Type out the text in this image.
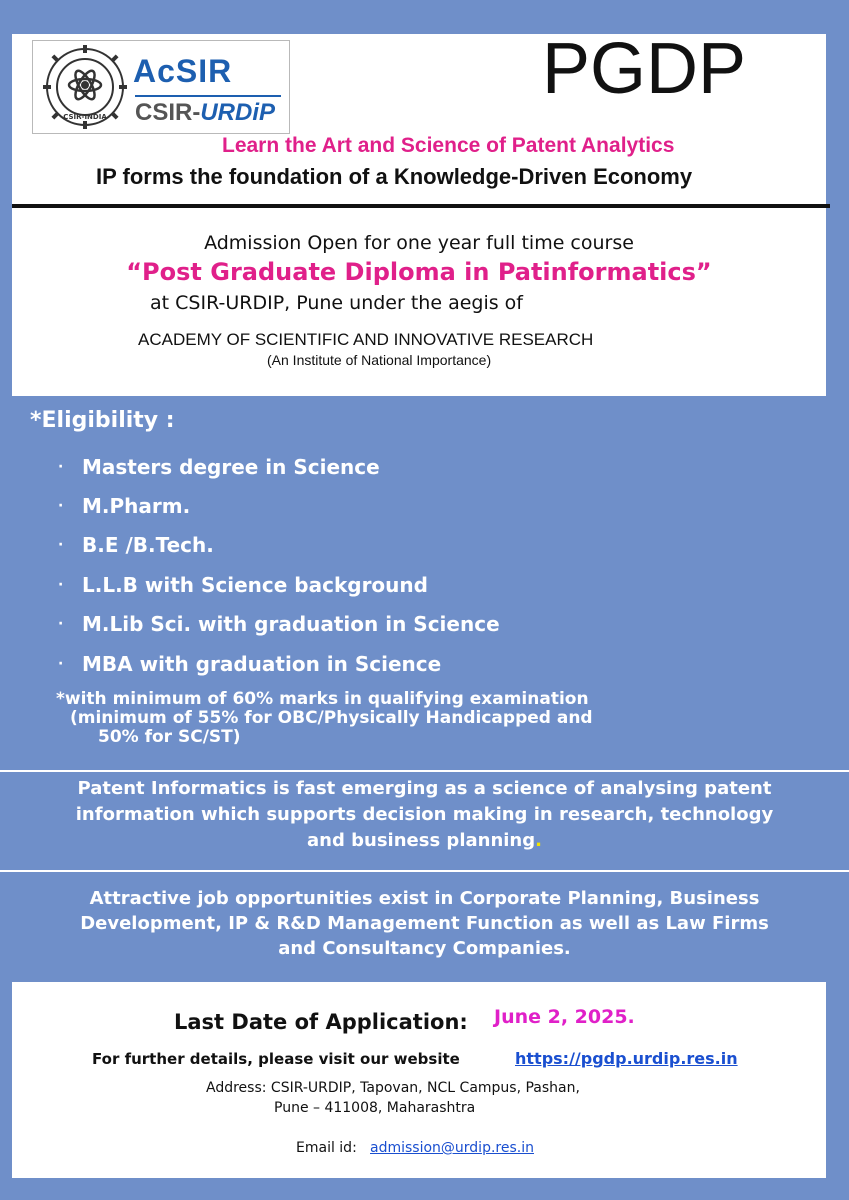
CSIR-INDIA
AcSIR
CSIR-URDiP
PGDP
Learn the Art and Science of Patent Analytics
IP forms the foundation of a Knowledge-Driven Economy
Admission Open for one year full time course
“Post Graduate Diploma in Patinformatics”
at CSIR-URDIP, Pune under the aegis of
ACADEMY OF SCIENTIFIC AND INNOVATIVE RESEARCH
(An Institute of National Importance)
*Eligibility :
· Masters degree in Science
· M.Pharm.
· B.E /B.Tech.
· L.L.B with Science background
· M.Lib Sci. with graduation in Science
· MBA with graduation in Science
*with minimum of 60% marks in qualifying examination
(minimum of 55% for OBC/Physically Handicapped and
50% for SC/ST)
Patent Informatics is fast emerging as a science of analysing patent
information which supports decision making in research, technology
and business planning.
Attractive job opportunities exist in Corporate Planning, Business
Development, IP & R&D Management Function as well as Law Firms
and Consultancy Companies.
Last Date of Application: June 2, 2025.
For further details, please visit our website	https://pgdp.urdip.res.in
Address: CSIR-URDIP, Tapovan, NCL Campus, Pashan,
Pune – 411008, Maharashtra
Email id: admission@urdip.res.in
